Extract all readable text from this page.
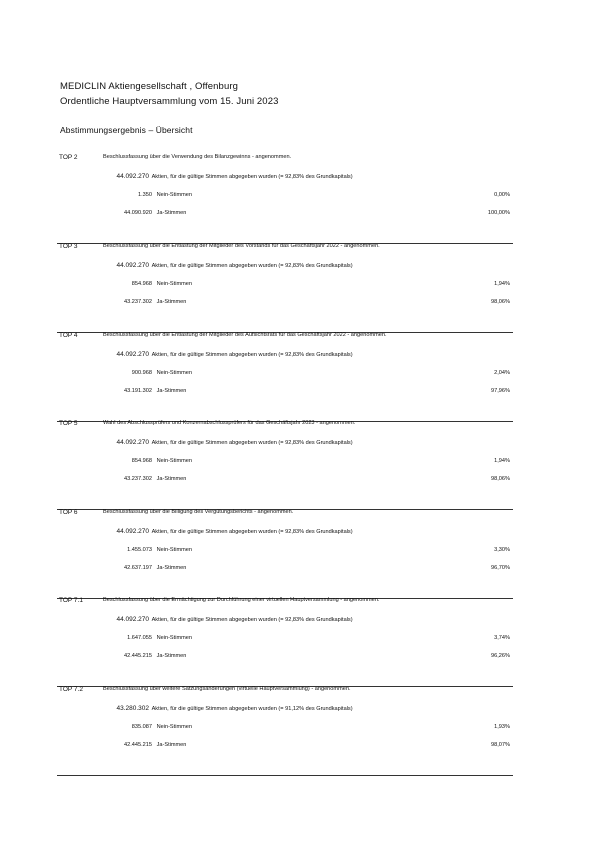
MEDICLIN Aktiengesellschaft , Offenburg
Ordentliche Hauptversammlung vom 15. Juni 2023
Abstimmungsergebnis – Übersicht
TOP 2	Beschlussfassung über die Verwendung des Bilanzgewinns - angenommen.
44.092.270 Aktien, für die gültige Stimmen abgegeben wurden (= 92,83% des Grundkapitals)
1.350 Nein-Stimmen	0,00%
44.090.920 Ja-Stimmen	100,00%
TOP 3	Beschlussfassung über die Entlastung der Mitglieder des Vorstands für das Geschäftsjahr 2022 - angenommen.
44.092.270 Aktien, für die gültige Stimmen abgegeben wurden (= 92,83% des Grundkapitals)
854.968 Nein-Stimmen	1,94%
43.237.302 Ja-Stimmen	98,06%
TOP 4	Beschlussfassung über die Entlastung der Mitglieder des Aufsichtsrats für das Geschäftsjahr 2022 - angenommen.
44.092.270 Aktien, für die gültige Stimmen abgegeben wurden (= 92,83% des Grundkapitals)
900.968 Nein-Stimmen	2,04%
43.191.302 Ja-Stimmen	97,96%
TOP 5	Wahl des Abschlussprüfers und Konzernabschlussprüfers für das Geschäftsjahr 2023 - angenommen.
44.092.270 Aktien, für die gültige Stimmen abgegeben wurden (= 92,83% des Grundkapitals)
854.968 Nein-Stimmen	1,94%
43.237.302 Ja-Stimmen	98,06%
TOP 6	Beschlussfassung über die Billigung des Vergütungsberichts - angenommen.
44.092.270 Aktien, für die gültige Stimmen abgegeben wurden (= 92,83% des Grundkapitals)
1.455.073 Nein-Stimmen	3,30%
42.637.197 Ja-Stimmen	96,70%
TOP 7.1	Beschlussfassung über die Ermächtigung zur Durchführung einer virtuellen Hauptversammlung - angenommen.
44.092.270 Aktien, für die gültige Stimmen abgegeben wurden (= 92,83% des Grundkapitals)
1.647.055 Nein-Stimmen	3,74%
42.445.215 Ja-Stimmen	96,26%
TOP 7.2	Beschlussfassung über weitere Satzungsänderungen (virtuelle Hauptversammlung) - angenommen.
43.280.302 Aktien, für die gültige Stimmen abgegeben wurden (= 91,12% des Grundkapitals)
835.087 Nein-Stimmen	1,93%
42.445.215 Ja-Stimmen	98,07%
